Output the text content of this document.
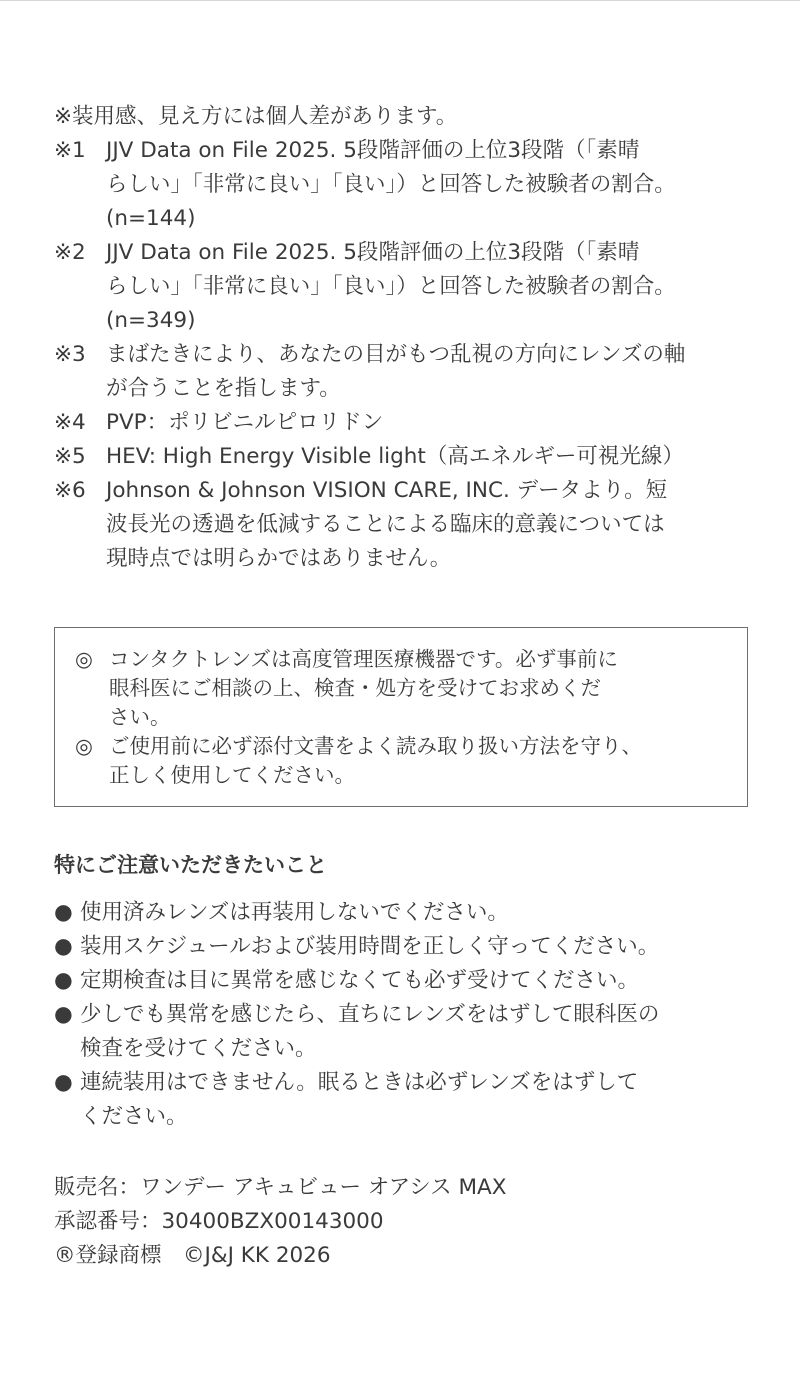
※装用感、見え方には個人差があります。

※1 JJV Data on File 2025. 5段階評価の上位3段階（「素晴
らしい」「非常に良い」「良い」）と回答した被験者の割合。
(n=144)
※2 JJV Data on File 2025. 5段階評価の上位3段階（「素晴
らしい」「非常に良い」「良い」）と回答した被験者の割合。
(n=349)
※3 まばたきにより、あなたの目がもつ乱視の方向にレンズの軸
が合うことを指します。
※4 PVP：ポリビニルピロリドン
※5 HEV: High Energy Visible light（高エネルギー可視光線）
※6 Johnson & Johnson VISION CARE, INC. データより。短
波長光の透過を低減することによる臨床的意義については
現時点では明らかではありません。
◎ コンタクトレンズは高度管理医療機器です。必ず事前に
眼科医にご相談の上、検査・処方を受けてお求めくだ
さい。
◎ ご使用前に必ず添付文書をよく読み取り扱い方法を守り、
正しく使用してください。
特にご注意いただきたいこと
● 使用済みレンズは再装用しないでください。
● 装用スケジュールおよび装用時間を正しく守ってください。
● 定期検査は目に異常を感じなくても必ず受けてください。
● 少しでも異常を感じたら、直ちにレンズをはずして眼科医の
検査を受けてください。
● 連続装用はできません。眠るときは必ずレンズをはずして
ください。
販売名：ワンデー アキュビュー オアシス MAX
承認番号：30400BZX00143000
®登録商標　©J&J KK 2026
